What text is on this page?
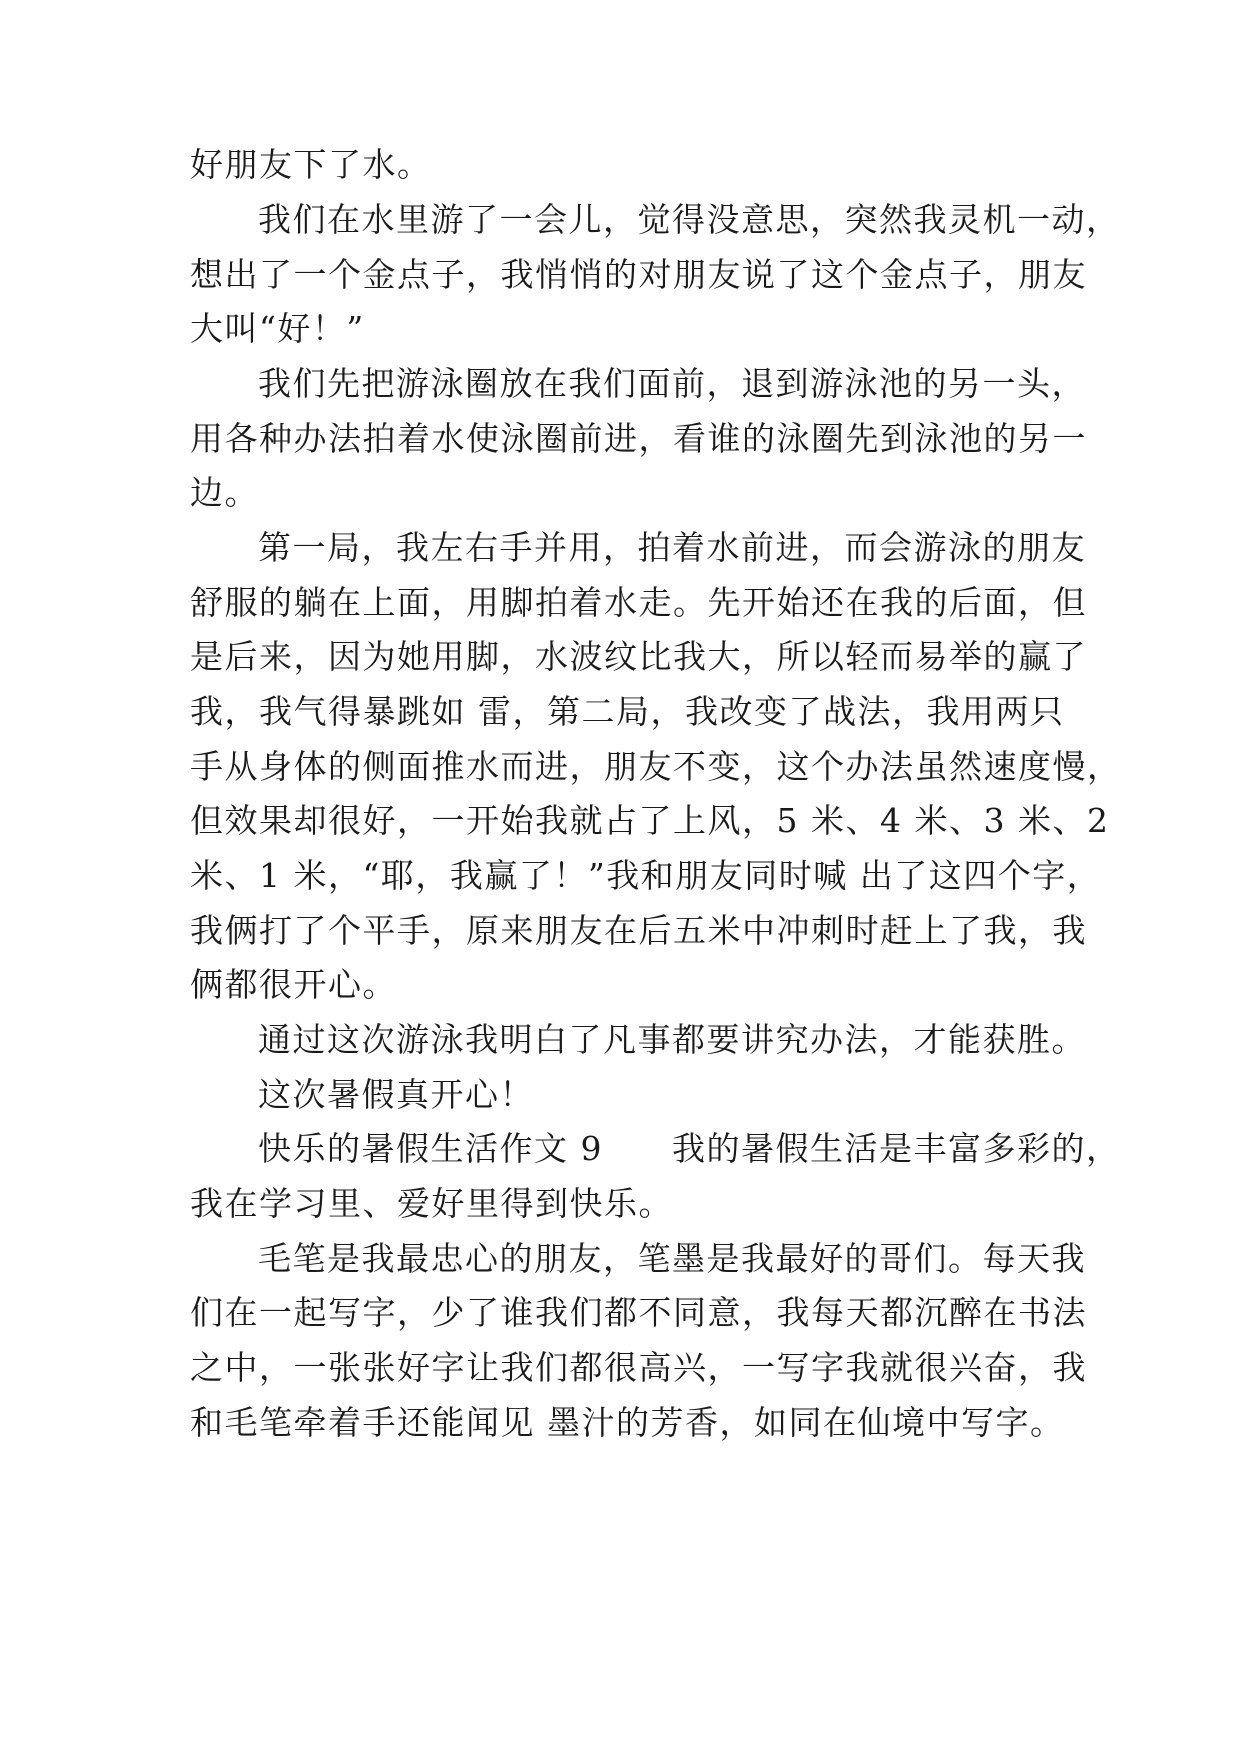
好朋友下了水。
我们在水里游了一会儿，觉得没意思，突然我灵机一动，
想出了一个金点子，我悄悄的对朋友说了这个金点子，朋友
大叫“好！”
我们先把游泳圈放在我们面前，退到游泳池的另一头，
用各种办法拍着水使泳圈前进，看谁的泳圈先到泳池的另一
边。
第一局，我左右手并用，拍着水前进，而会游泳的朋友
舒服的躺在上面，用脚拍着水走。先开始还在我的后面，但
是后来，因为她用脚，水波纹比我大，所以轻而易举的赢了
我，我气得暴跳如 雷，第二局，我改变了战法，我用两只
手从身体的侧面推水而进，朋友不变，这个办法虽然速度慢，
但效果却很好，一开始我就占了上风，5 米、4 米、3 米、2
米、1 米，“耶，我赢了！”我和朋友同时喊 出了这四个字，
我俩打了个平手，原来朋友在后五米中冲刺时赶上了我，我
俩都很开心。
通过这次游泳我明白了凡事都要讲究办法，才能获胜。
这次暑假真开心！
快乐的暑假生活作文 9　　我的暑假生活是丰富多彩的，
我在学习里、爱好里得到快乐。
毛笔是我最忠心的朋友，笔墨是我最好的哥们。每天我
们在一起写字，少了谁我们都不同意，我每天都沉醉在书法
之中，一张张好字让我们都很高兴，一写字我就很兴奋，我
和毛笔牵着手还能闻见 墨汁的芳香，如同在仙境中写字。
